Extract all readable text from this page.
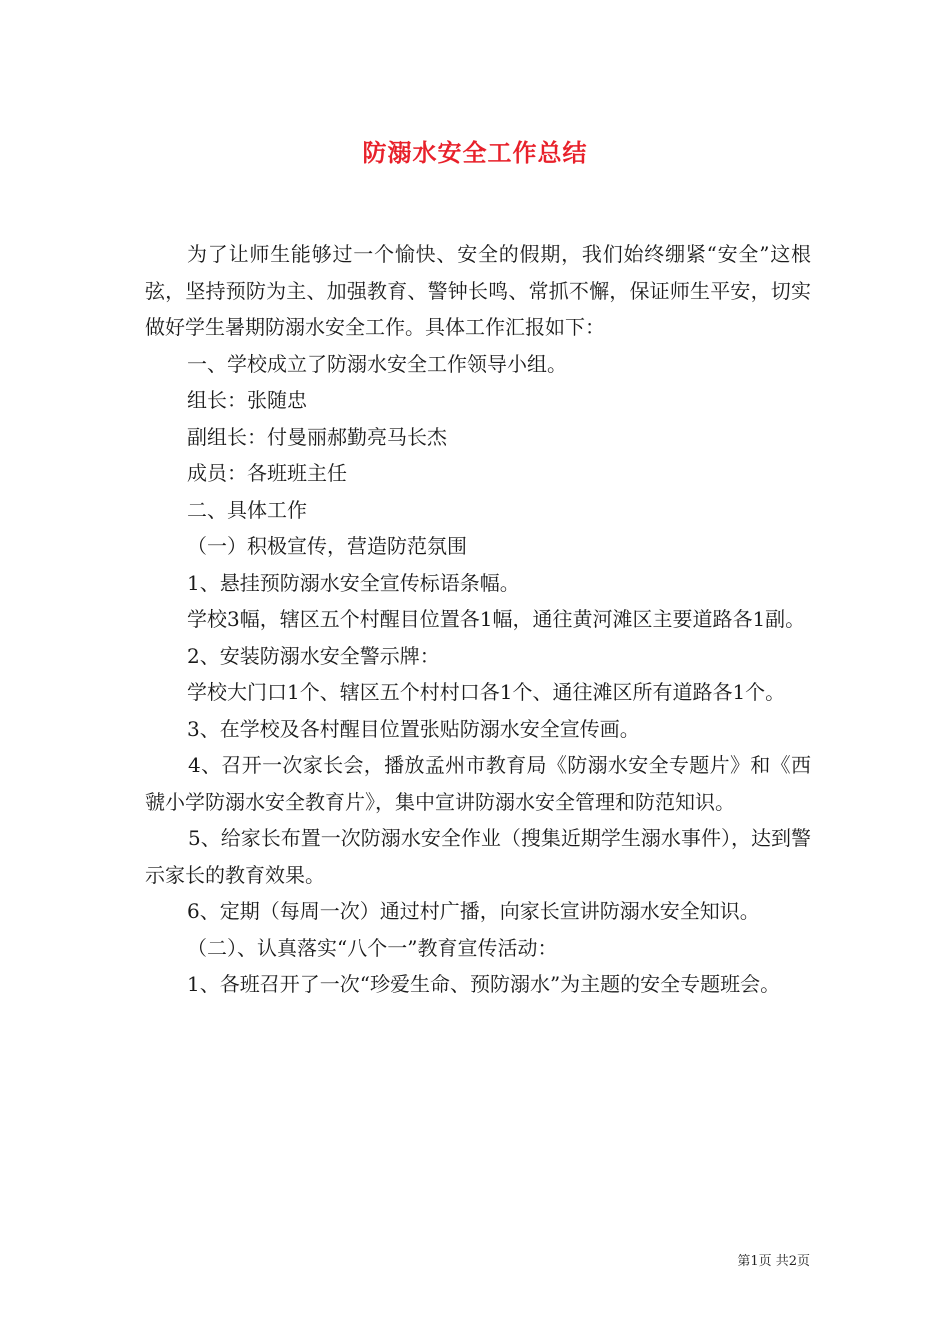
防溺水安全工作总结

为了让师生能够过一个愉快、安全的假期，我们始终绷紧“安全”这根弦，坚持预防为主、加强教育、警钟长鸣、常抓不懈，保证师生平安，切实做好学生暑期防溺水安全工作。具体工作汇报如下：

一、学校成立了防溺水安全工作领导小组。

组长：张随忠

副组长：付曼丽郝勤亮马长杰

成员：各班班主任

二、具体工作

（一）积极宣传，营造防范氛围

1、悬挂预防溺水安全宣传标语条幅。

学校3幅，辖区五个村醒目位置各1幅，通往黄河滩区主要道路各1副。

2、安装防溺水安全警示牌：

学校大门口1个、辖区五个村村口各1个、通往滩区所有道路各1个。

3、在学校及各村醒目位置张贴防溺水安全宣传画。

4、召开一次家长会，播放孟州市教育局《防溺水安全专题片》和《西虢小学防溺水安全教育片》，集中宣讲防溺水安全管理和防范知识。

5、给家长布置一次防溺水安全作业（搜集近期学生溺水事件），达到警示家长的教育效果。

6、定期（每周一次）通过村广播，向家长宣讲防溺水安全知识。

（二）、认真落实“八个一”教育宣传活动：

1、各班召开了一次“珍爱生命、预防溺水”为主题的安全专题班会。

第1页 共2页
